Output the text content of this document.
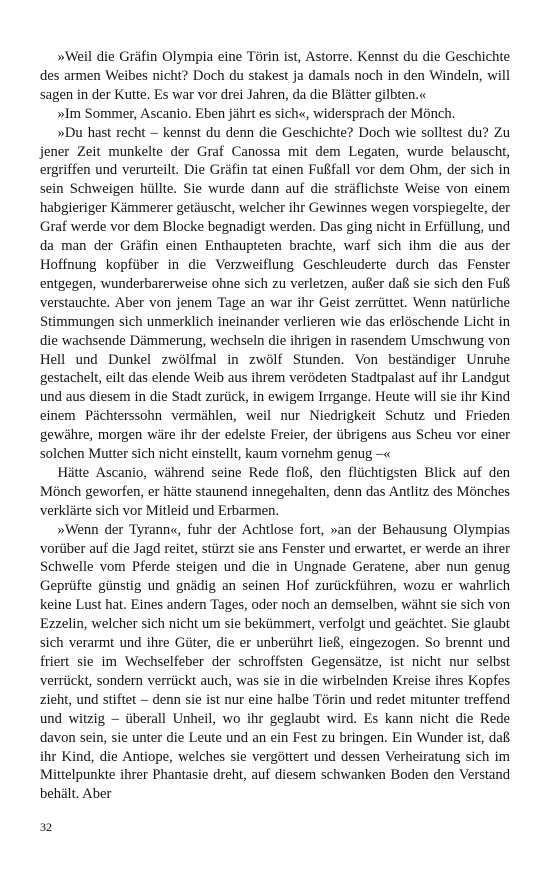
»Weil die Gräfin Olympia eine Törin ist, Astorre. Kennst du die Geschichte des armen Weibes nicht? Doch du stakest ja damals noch in den Windeln, will sagen in der Kutte. Es war vor drei Jahren, da die Blätter gilbten.«

»Im Sommer, Ascanio. Eben jährt es sich«, widersprach der Mönch.

»Du hast recht – kennst du denn die Geschichte? Doch wie solltest du? Zu jener Zeit munkelte der Graf Canossa mit dem Legaten, wurde belauscht, ergriffen und verurteilt. Die Gräfin tat einen Fußfall vor dem Ohm, der sich in sein Schweigen hüllte. Sie wurde dann auf die sträflichste Weise von einem habgieriger Kämmerer getäuscht, welcher ihr Gewinnes wegen vorspiegelte, der Graf werde vor dem Blocke begnadigt werden. Das ging nicht in Erfüllung, und da man der Gräfin einen Enthaupteten brachte, warf sich ihm die aus der Hoffnung kopfüber in die Verzweiflung Geschleuderte durch das Fenster entgegen, wunderbarerweise ohne sich zu verletzen, außer daß sie sich den Fuß verstauchte. Aber von jenem Tage an war ihr Geist zerrüttet. Wenn natürliche Stimmungen sich unmerklich ineinander verlieren wie das erlöschende Licht in die wachsende Dämmerung, wechseln die ihrigen in rasendem Umschwung von Hell und Dunkel zwölfmal in zwölf Stunden. Von beständiger Unruhe gestachelt, eilt das elende Weib aus ihrem verödeten Stadtpalast auf ihr Landgut und aus diesem in die Stadt zurück, in ewigem Irrgange. Heute will sie ihr Kind einem Pächterssohn vermählen, weil nur Niedrigkeit Schutz und Frieden gewähre, morgen wäre ihr der edelste Freier, der übrigens aus Scheu vor einer solchen Mutter sich nicht einstellt, kaum vornehm genug –«

Hätte Ascanio, während seine Rede floß, den flüchtigsten Blick auf den Mönch geworfen, er hätte staunend innegehalten, denn das Antlitz des Mönches verklärte sich vor Mitleid und Erbarmen.

»Wenn der Tyrann«, fuhr der Achtlose fort, »an der Behausung Olympias vorüber auf die Jagd reitet, stürzt sie ans Fenster und erwartet, er werde an ihrer Schwelle vom Pferde steigen und die in Ungnade Geratene, aber nun genug Geprüfte günstig und gnädig an seinen Hof zurückführen, wozu er wahrlich keine Lust hat. Eines andern Tages, oder noch an demselben, wähnt sie sich von Ezzelin, welcher sich nicht um sie bekümmert, verfolgt und geächtet. Sie glaubt sich verarmt und ihre Güter, die er unberührt ließ, eingezogen. So brennt und friert sie im Wechselfeber der schroffsten Gegensätze, ist nicht nur selbst verrückt, sondern verrückt auch, was sie in die wirbelnden Kreise ihres Kopfes zieht, und stiftet – denn sie ist nur eine halbe Törin und redet mitunter treffend und witzig – überall Unheil, wo ihr geglaubt wird. Es kann nicht die Rede davon sein, sie unter die Leute und an ein Fest zu bringen. Ein Wunder ist, daß ihr Kind, die Antiope, welches sie vergöttert und dessen Verheiratung sich im Mittelpunkte ihrer Phantasie dreht, auf diesem schwanken Boden den Verstand behält. Aber

32
